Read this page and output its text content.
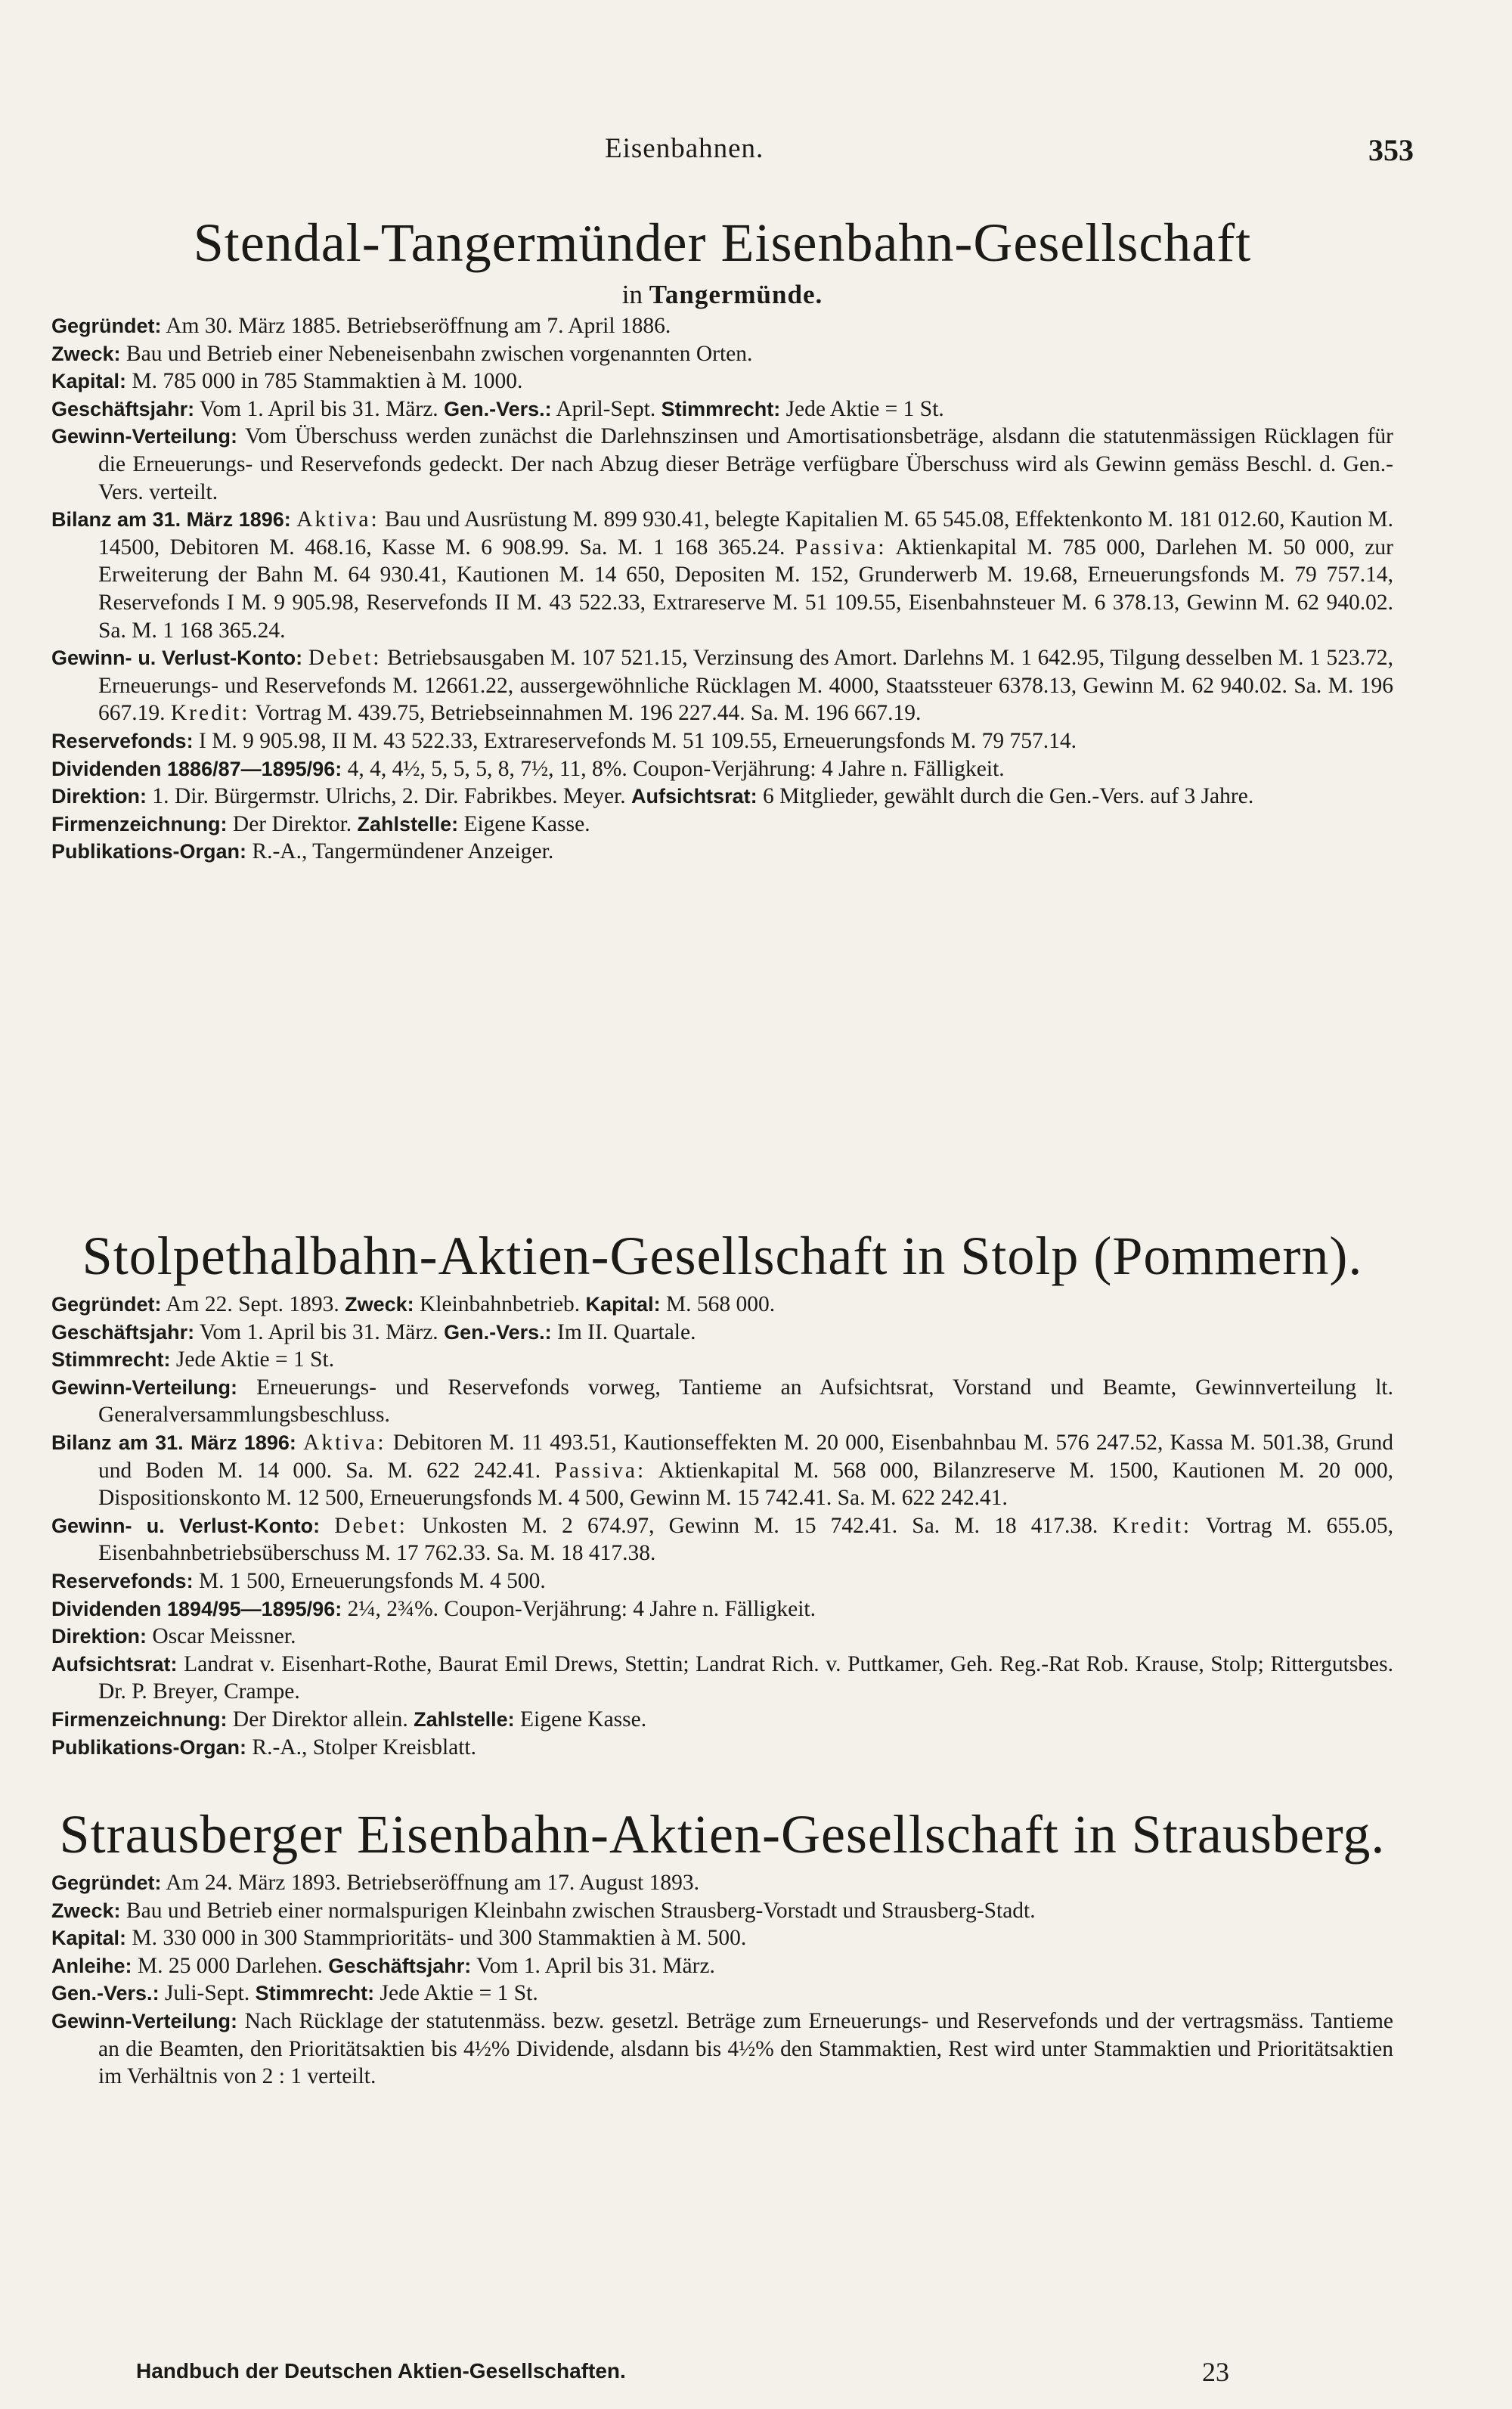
Eisenbahnen.	353
Stendal-Tangermünder Eisenbahn-Gesellschaft
in Tangermünde.

Gegründet: Am 30. März 1885. Betriebseröffnung am 7. April 1886.

Zweck: Bau und Betrieb einer Nebeneisenbahn zwischen vorgenannten Orten.

Kapital: M. 785 000 in 785 Stammaktien à M. 1000.

Geschäftsjahr: Vom 1. April bis 31. März. Gen.-Vers.: April-Sept. Stimmrecht: Jede Aktie = 1 St.

Gewinn-Verteilung: Vom Überschuss werden zunächst die Darlehnszinsen und Amortisationsbeträge, alsdann die statutenmässigen Rücklagen für die Erneuerungs- und Reservefonds gedeckt. Der nach Abzug dieser Beträge verfügbare Überschuss wird als Gewinn gemäss Beschl. d. Gen.-Vers. verteilt.

Bilanz am 31. März 1896: Aktiva: Bau und Ausrüstung M. 899 930.41, belegte Kapitalien M. 65 545.08, Effektenkonto M. 181 012.60, Kaution M. 14500, Debitoren M. 468.16, Kasse M. 6 908.99. Sa. M. 1 168 365.24. Passiva: Aktienkapital M. 785 000, Darlehen M. 50 000, zur Erweiterung der Bahn M. 64 930.41, Kautionen M. 14 650, Depositen M. 152, Grunderwerb M. 19.68, Erneuerungsfonds M. 79 757.14, Reservefonds I M. 9 905.98, Reservefonds II M. 43 522.33, Extrareserve M. 51 109.55, Eisenbahnsteuer M. 6 378.13, Gewinn M. 62 940.02. Sa. M. 1 168 365.24.

Gewinn- u. Verlust-Konto: Debet: Betriebsausgaben M. 107 521.15, Verzinsung des Amort. Darlehns M. 1 642.95, Tilgung desselben M. 1 523.72, Erneuerungs- und Reservefonds M. 12661.22, aussergewöhnliche Rücklagen M. 4000, Staatssteuer 6378.13, Gewinn M. 62 940.02. Sa. M. 196 667.19. Kredit: Vortrag M. 439.75, Betriebseinnahmen M. 196 227.44. Sa. M. 196 667.19.

Reservefonds: I M. 9 905.98, II M. 43 522.33, Extrareservefonds M. 51 109.55, Erneuerungsfonds M. 79 757.14.

Dividenden 1886/87—1895/96: 4, 4, 4½, 5, 5, 5, 8, 7½, 11, 8%. Coupon-Verjährung: 4 Jahre n. Fälligkeit.

Direktion: 1. Dir. Bürgermstr. Ulrichs, 2. Dir. Fabrikbes. Meyer. Aufsichtsrat: 6 Mitglieder, gewählt durch die Gen.-Vers. auf 3 Jahre.

Firmenzeichnung: Der Direktor. Zahlstelle: Eigene Kasse.

Publikations-Organ: R.-A., Tangermündener Anzeiger.

Stolpethalbahn-Aktien-Gesellschaft in Stolp (Pommern).

Gegründet: Am 22. Sept. 1893. Zweck: Kleinbahnbetrieb. Kapital: M. 568 000.

Geschäftsjahr: Vom 1. April bis 31. März. Gen.-Vers.: Im II. Quartale.

Stimmrecht: Jede Aktie = 1 St.

Gewinn-Verteilung: Erneuerungs- und Reservefonds vorweg, Tantieme an Aufsichtsrat, Vorstand und Beamte, Gewinnverteilung lt. Generalversammlungsbeschluss.

Bilanz am 31. März 1896: Aktiva: Debitoren M. 11 493.51, Kautionseffekten M. 20 000, Eisenbahnbau M. 576 247.52, Kassa M. 501.38, Grund und Boden M. 14 000. Sa. M. 622 242.41. Passiva: Aktienkapital M. 568 000, Bilanzreserve M. 1500, Kautionen M. 20 000, Dispositionskonto M. 12 500, Erneuerungsfonds M. 4 500, Gewinn M. 15 742.41. Sa. M. 622 242.41.

Gewinn- u. Verlust-Konto: Debet: Unkosten M. 2 674.97, Gewinn M. 15 742.41. Sa. M. 18 417.38. Kredit: Vortrag M. 655.05, Eisenbahnbetriebsüberschuss M. 17 762.33. Sa. M. 18 417.38.

Reservefonds: M. 1 500, Erneuerungsfonds M. 4 500.

Dividenden 1894/95—1895/96: 2¼, 2¾%. Coupon-Verjährung: 4 Jahre n. Fälligkeit.

Direktion: Oscar Meissner.

Aufsichtsrat: Landrat v. Eisenhart-Rothe, Baurat Emil Drews, Stettin; Landrat Rich. v. Puttkamer, Geh. Reg.-Rat Rob. Krause, Stolp; Rittergutsbes. Dr. P. Breyer, Crampe.

Firmenzeichnung: Der Direktor allein. Zahlstelle: Eigene Kasse.

Publikations-Organ: R.-A., Stolper Kreisblatt.

Strausberger Eisenbahn-Aktien-Gesellschaft in Strausberg.

Gegründet: Am 24. März 1893. Betriebseröffnung am 17. August 1893.

Zweck: Bau und Betrieb einer normalspurigen Kleinbahn zwischen Strausberg-Vorstadt und Strausberg-Stadt.

Kapital: M. 330 000 in 300 Stammprioritäts- und 300 Stammaktien à M. 500.

Anleihe: M. 25 000 Darlehen. Geschäftsjahr: Vom 1. April bis 31. März.

Gen.-Vers.: Juli-Sept. Stimmrecht: Jede Aktie = 1 St.

Gewinn-Verteilung: Nach Rücklage der statutenmäss. bezw. gesetzl. Beträge zum Erneuerungs- und Reservefonds und der vertragsmäss. Tantieme an die Beamten, den Prioritätsaktien bis 4½% Dividende, alsdann bis 4½% den Stammaktien, Rest wird unter Stammaktien und Prioritätsaktien im Verhältnis von 2 : 1 verteilt.

Handbuch der Deutschen Aktien-Gesellschaften.	23
